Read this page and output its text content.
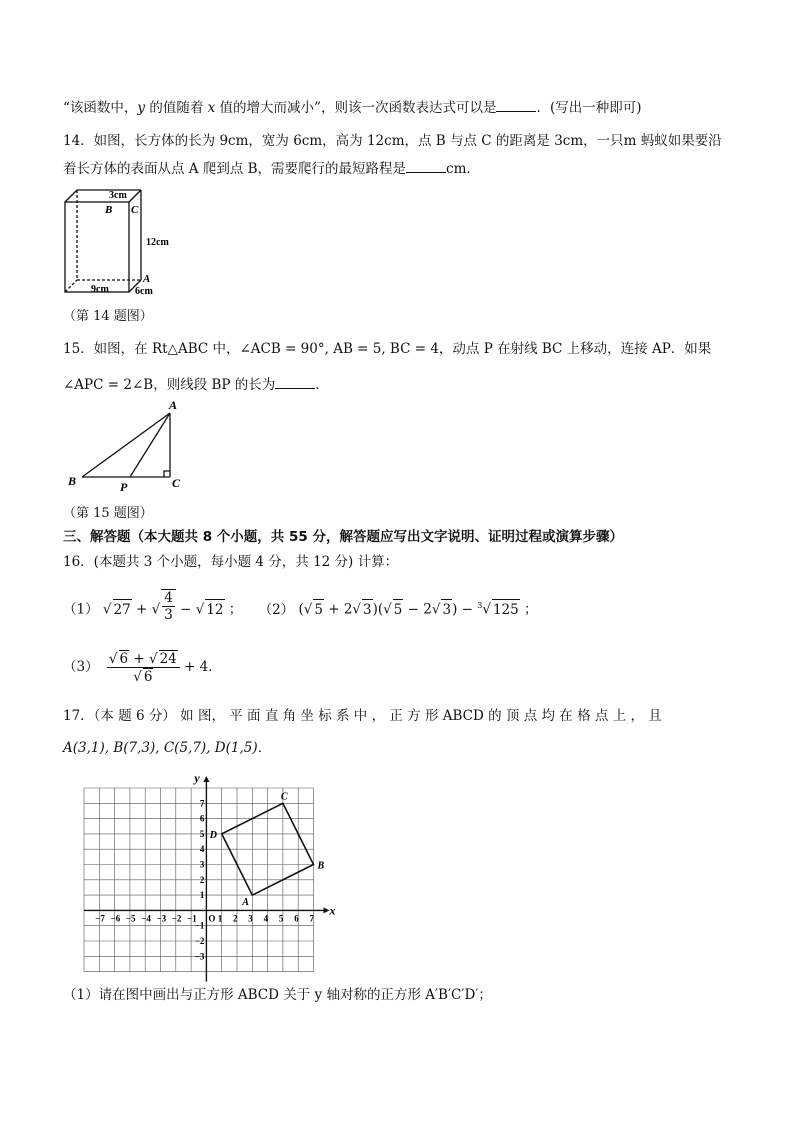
“该函数中，y 的值随着 x 值的增大而减小”，则该一次函数表达式可以是	．(写出一种即可)
14．如图，长方体的长为 9cm，宽为 6cm，高为 12cm，点 B 与点 C 的距离是 3cm，一只m 蚂蚁如果要沿
着长方体的表面从点 A 爬到点 B，需要爬行的最短路程是	cm．
3cm
B C
12cm
A
9cm	6cm
（第 14 题图）
15．如图，在 Rt△ABC 中，∠ACB = 90°, AB = 5, BC = 4，动点 P 在射线 BC 上移动，连接 AP．如果
∠APC = 2∠B，则线段 BP 的长为	．
A
B	P	C
（第 15 题图）
三、解答题（本大题共 8 个小题，共 55 分，解答题应写出文字说明、证明过程或演算步骤）
16．(本题共 3 个小题，每小题 4 分，共 12 分) 计算：
（1） √ 27 + √ $\frac{4}{3}$ − √ 12 ； （2） (√ 5 + 2√ 3)(√ 5 − 2√ 3) − $^3$√ 125 ；
$(3) \frac{√ 6 + √ 24}{√ 6} + 4$．
17．（本 题 6 分） 如 图， 平 面 直 角 坐 标 系 中 ， 正 方 形 ABCD 的 顶 点 均 在 格 点 上 ， 且
A(3,1), B(7,3), C(5,7), D(1,5)．
x
y
−7 −6 −5 −4 −3 −2 −1 O 1 2 3 4 5 6 7
7
6
5
4
3
2
1
−1
−2
−3
A
B
C
D
（1）请在图中画出与正方形 ABCD 关于 y 轴对称的正方形 A′B′C′D′；
